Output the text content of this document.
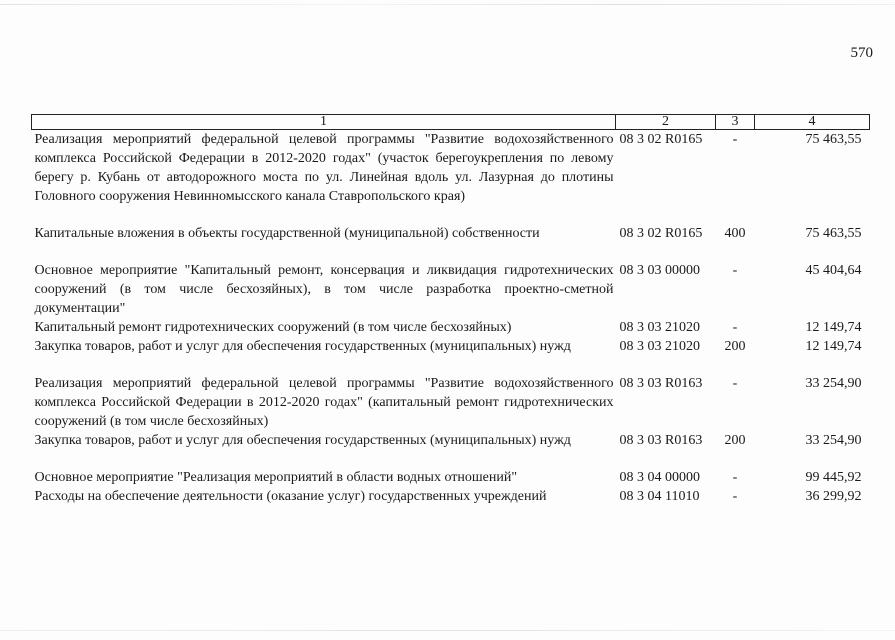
570
1	2	3	4
Реализация мероприятий федеральной целевой программы "Развитие водохозяйственного комплекса Российской Федерации в 2012-2020 годах" (участок берегоукрепления по левому берегу р. Кубань от автодорожного моста по ул. Линейная вдоль ул. Лазурная до плотины Головного сооружения Невинномысского канала Ставропольского края)	08 3 02 R0165	-	75 463,55

Капитальные вложения в объекты государственной (муниципальной) собственности	08 3 02 R0165	400	75 463,55

Основное мероприятие "Капитальный ремонт, консервация и ликвидация гидротехнических сооружений (в том числе бесхозяйных), в том числе разработка проектно-сметной документации"	08 3 03 00000	-	45 404,64
Капитальный ремонт гидротехнических сооружений (в том числе бесхозяйных)	08 3 03 21020	-	12 149,74
Закупка товаров, работ и услуг для обеспечения государственных (муниципальных) нужд	08 3 03 21020	200	12 149,74

Реализация мероприятий федеральной целевой программы "Развитие водохозяйственного комплекса Российской Федерации в 2012-2020 годах" (капитальный ремонт гидротехнических сооружений (в том числе бесхозяйных)	08 3 03 R0163	-	33 254,90
Закупка товаров, работ и услуг для обеспечения государственных (муниципальных) нужд	08 3 03 R0163	200	33 254,90

Основное мероприятие "Реализация мероприятий в области водных отношений"	08 3 04 00000	-	99 445,92
Расходы на обеспечение деятельности (оказание услуг) государственных учреждений	08 3 04 11010	-	36 299,92
